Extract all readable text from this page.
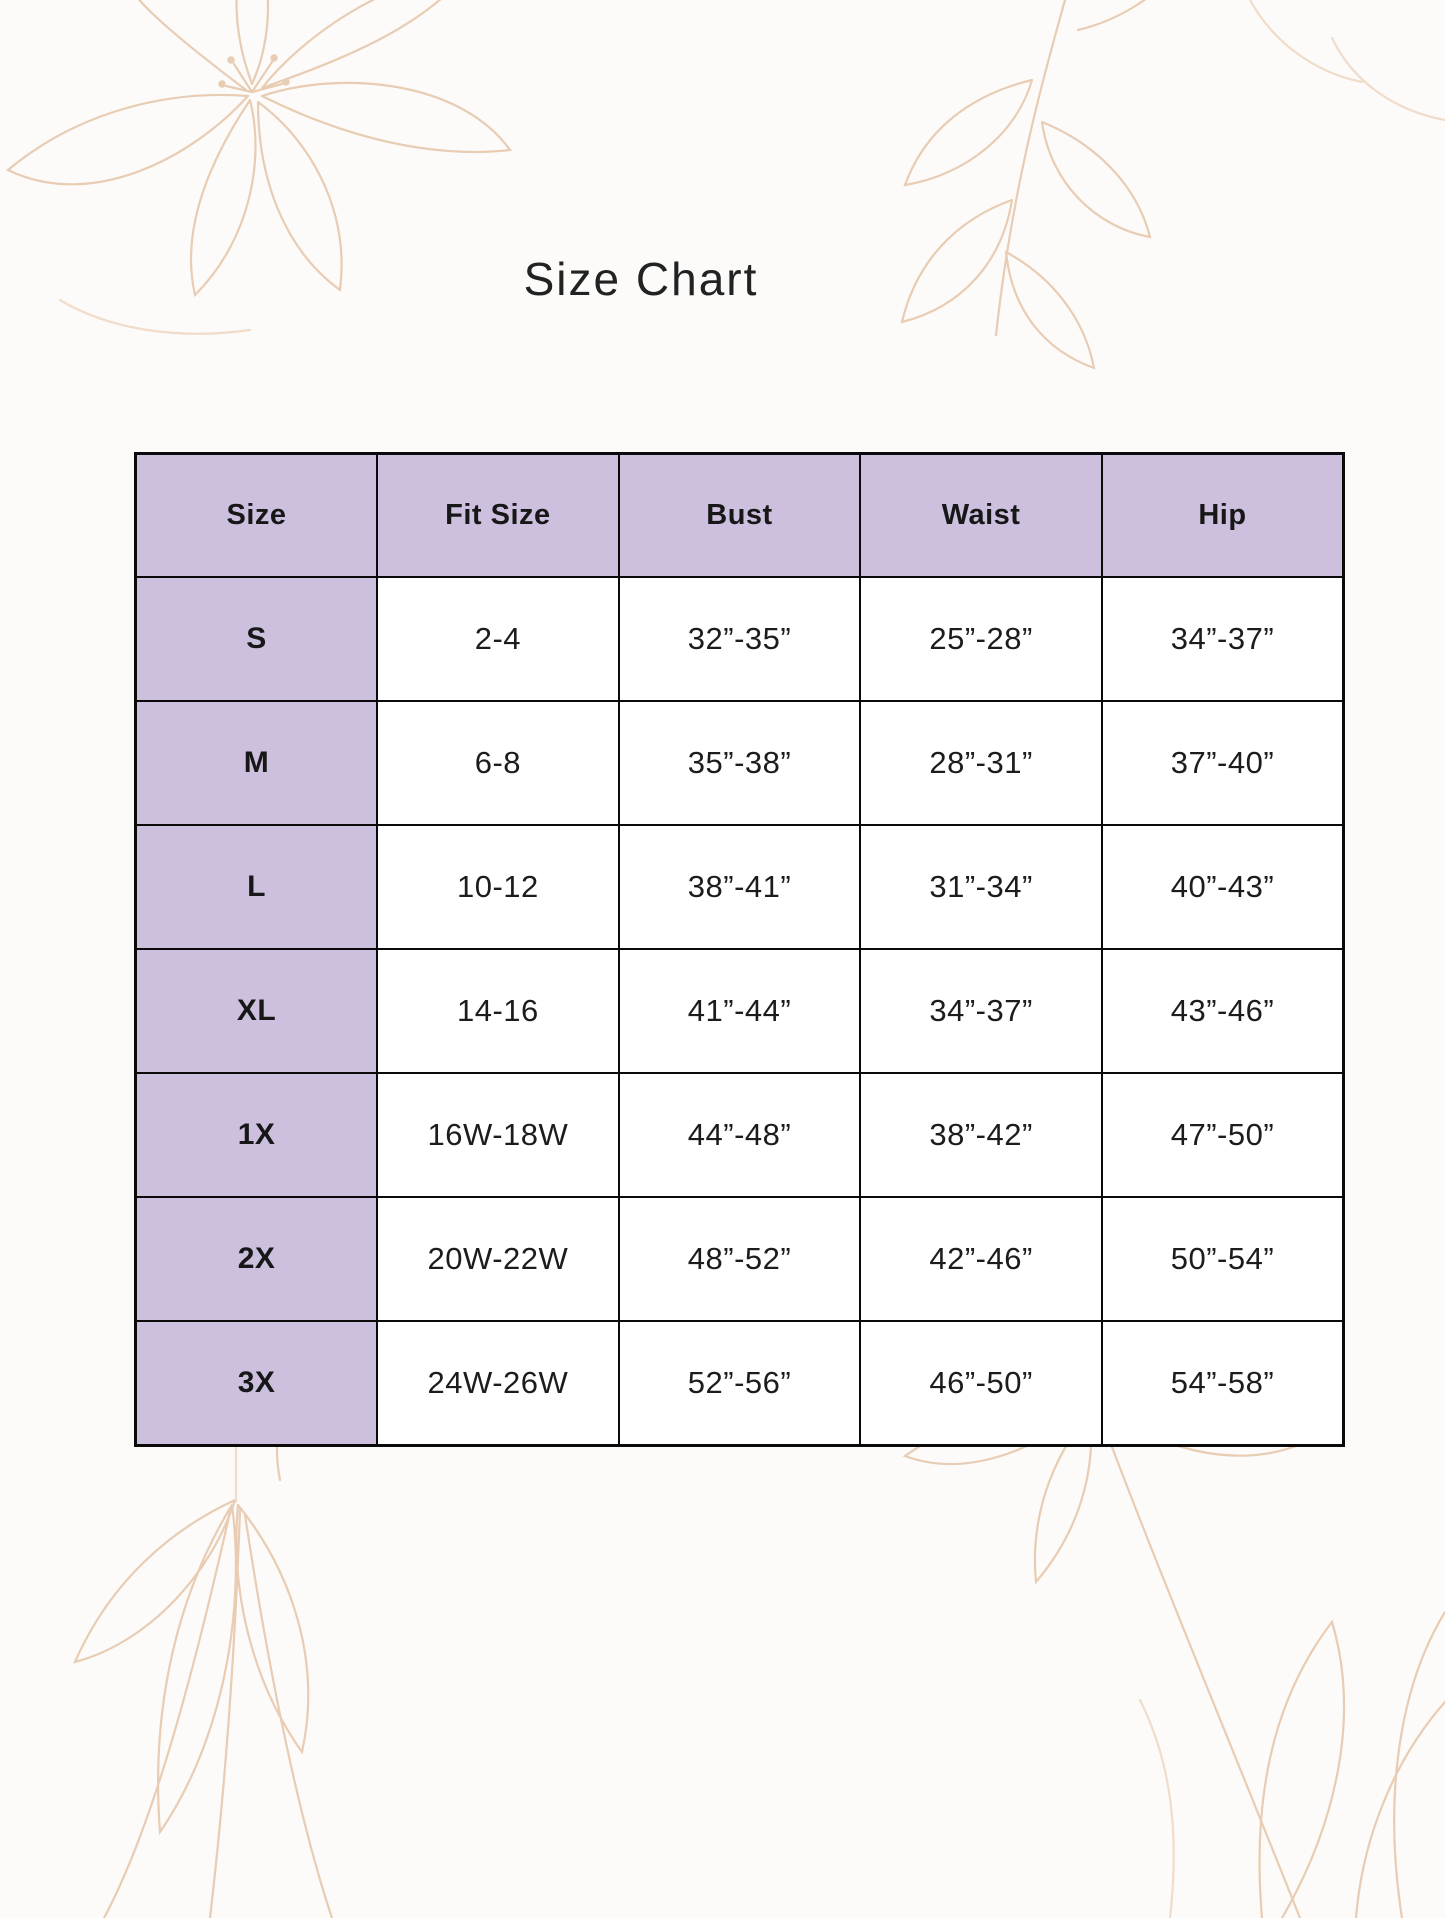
Size Chart
Size	Fit Size	Bust	Waist	Hip
S	2-4	32”-35”	25”-28”	34”-37”
M	6-8	35”-38”	28”-31”	37”-40”
L	10-12	38”-41”	31”-34”	40”-43”
XL	14-16	41”-44”	34”-37”	43”-46”
1X	16W-18W	44”-48”	38”-42”	47”-50”
2X	20W-22W	48”-52”	42”-46”	50”-54”
3X	24W-26W	52”-56”	46”-50”	54”-58”
